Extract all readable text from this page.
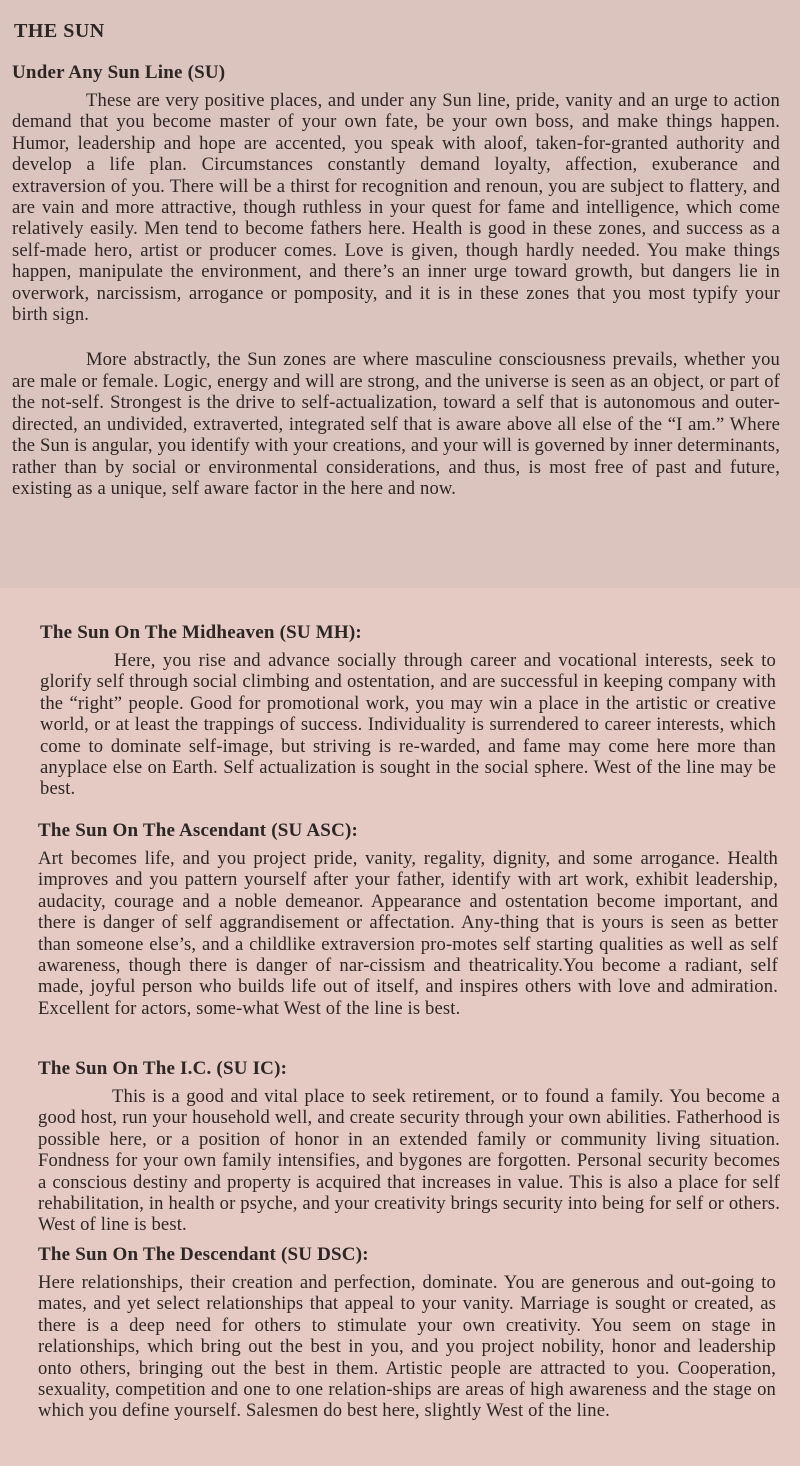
THE SUN
Under Any Sun Line (SU)

These are very positive places, and under any Sun line, pride, vanity and an urge to action demand that you become master of your own fate, be your own boss, and make things happen. Humor, leadership and hope are accented, you speak with aloof, taken-for-granted authority and develop a life plan. Circumstances constantly demand loyalty, affection, exuberance and extraversion of you. There will be a thirst for recognition and renoun, you are subject to flattery, and are vain and more attractive, though ruthless in your quest for fame and intelligence, which come relatively easily. Men tend to become fathers here. Health is good in these zones, and success as a self-made hero, artist or producer comes. Love is given, though hardly needed. You make things happen, manipulate the environment, and there’s an inner urge toward growth, but dangers lie in overwork, narcissism, arrogance or pomposity, and it is in these zones that you most typify your birth sign.

More abstractly, the Sun zones are where masculine consciousness prevails, whether you are male or female. Logic, energy and will are strong, and the universe is seen as an object, or part of the not-self. Strongest is the drive to self-actualization, toward a self that is autonomous and outer-directed, an undivided, extraverted, integrated self that is aware above all else of the “I am.” Where the Sun is angular, you identify with your creations, and your will is governed by inner determinants, rather than by social or environmental considerations, and thus, is most free of past and future, existing as a unique, self aware factor in the here and now.

The Sun On The Midheaven (SU MH):

Here, you rise and advance socially through career and vocational interests, seek to glorify self through social climbing and ostentation, and are successful in keeping company with the “right” people. Good for promotional work, you may win a place in the artistic or creative world, or at least the trappings of success. Individuality is surrendered to career interests, which come to dominate self-image, but striving is re-warded, and fame may come here more than anyplace else on Earth. Self actualization is sought in the social sphere. West of the line may be best.

The Sun On The Ascendant (SU ASC):

Art becomes life, and you project pride, vanity, regality, dignity, and some arrogance. Health improves and you pattern yourself after your father, identify with art work, exhibit leadership, audacity, courage and a noble demeanor. Appearance and ostentation become important, and there is danger of self aggrandisement or affectation. Any-thing that is yours is seen as better than someone else’s, and a childlike extraversion pro-motes self starting qualities as well as self awareness, though there is danger of nar-cissism and theatricality.You become a radiant, self made, joyful person who builds life out of itself, and inspires others with love and admiration. Excellent for actors, some-what West of the line is best.

The Sun On The I.C. (SU IC):

This is a good and vital place to seek retirement, or to found a family. You become a good host, run your household well, and create security through your own abilities. Fatherhood is possible here, or a position of honor in an extended family or community living situation. Fondness for your own family intensifies, and bygones are forgotten. Personal security becomes a conscious destiny and property is acquired that increases in value. This is also a place for self rehabilitation, in health or psyche, and your creativity brings security into being for self or others. West of line is best.

The Sun On The Descendant (SU DSC):

Here relationships, their creation and perfection, dominate. You are generous and out-going to mates, and yet select relationships that appeal to your vanity. Marriage is sought or created, as there is a deep need for others to stimulate your own creativity. You seem on stage in relationships, which bring out the best in you, and you project nobility, honor and leadership onto others, bringing out the best in them. Artistic people are attracted to you. Cooperation, sexuality, competition and one to one relation-ships are areas of high awareness and the stage on which you define yourself. Salesmen do best here, slightly West of the line.
